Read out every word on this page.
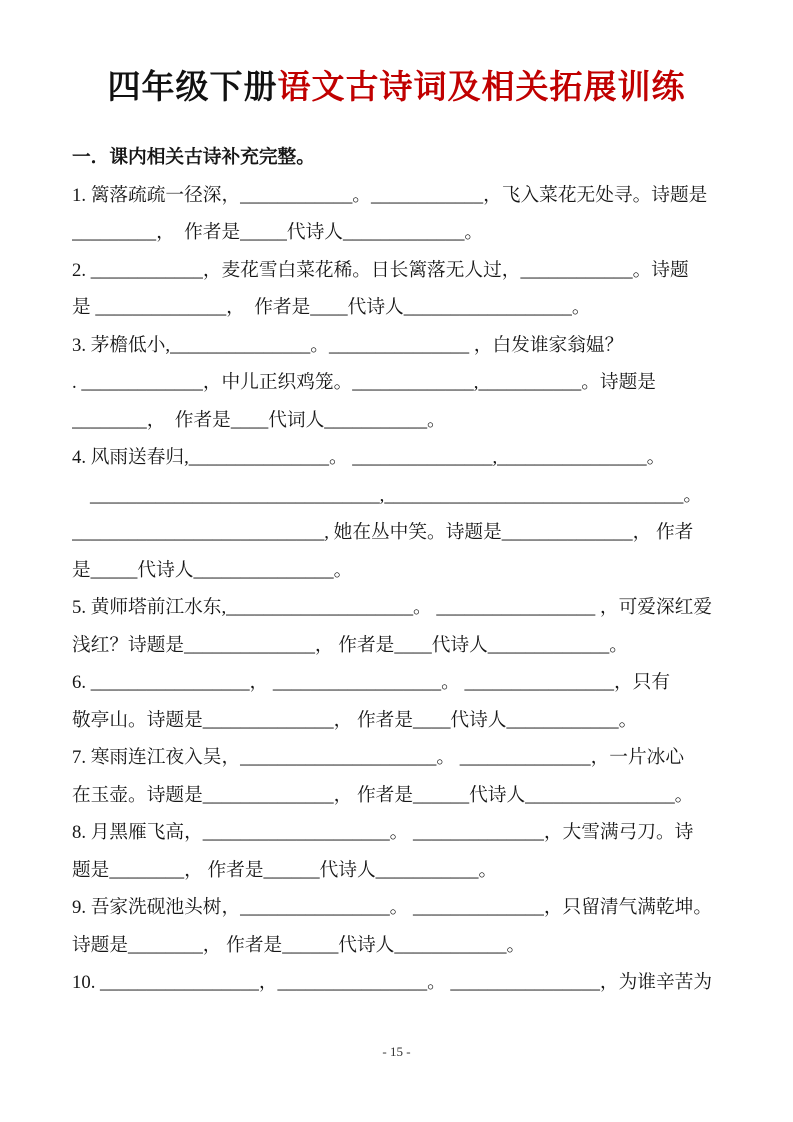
四年级下册语文古诗词及相关拓展训练
一．课内相关古诗补充完整。

1. 篱落疏疏一径深，____________。____________，飞入菜花无处寻。诗题是

_________，  作者是_____代诗人_____________。

2. ____________，麦花雪白菜花稀。日长篱落无人过，____________。诗题

是 ______________，  作者是____代诗人__________________。

3. 茅檐低小,_______________。_______________ ，白发谁家翁媪？

. _____________，中儿正织鸡笼。_____________,___________。诗题是

________，  作者是____代词人___________。

4. 风雨送春归,_______________。 _______________,________________。

_______________________________,________________________________。

___________________________, 她在丛中笑。诗题是______________， 作者

是_____代诗人_______________。

5. 黄师塔前江水东,____________________。 _________________ ，可爱深红爱

浅红？诗题是______________， 作者是____代诗人_____________。

6. _________________， __________________。 ________________，只有

敬亭山。诗题是______________， 作者是____代诗人____________。

7. 寒雨连江夜入吴，_____________________。 ______________，一片冰心

在玉壶。诗题是______________， 作者是______代诗人________________。

8. 月黑雁飞高，____________________。 ______________，大雪满弓刀。诗

题是________， 作者是______代诗人___________。

9. 吾家洗砚池头树，________________。 ______________，只留清气满乾坤。

诗题是________， 作者是______代诗人____________。

10. _________________，________________。 ________________，为谁辛苦为

- 15 -
